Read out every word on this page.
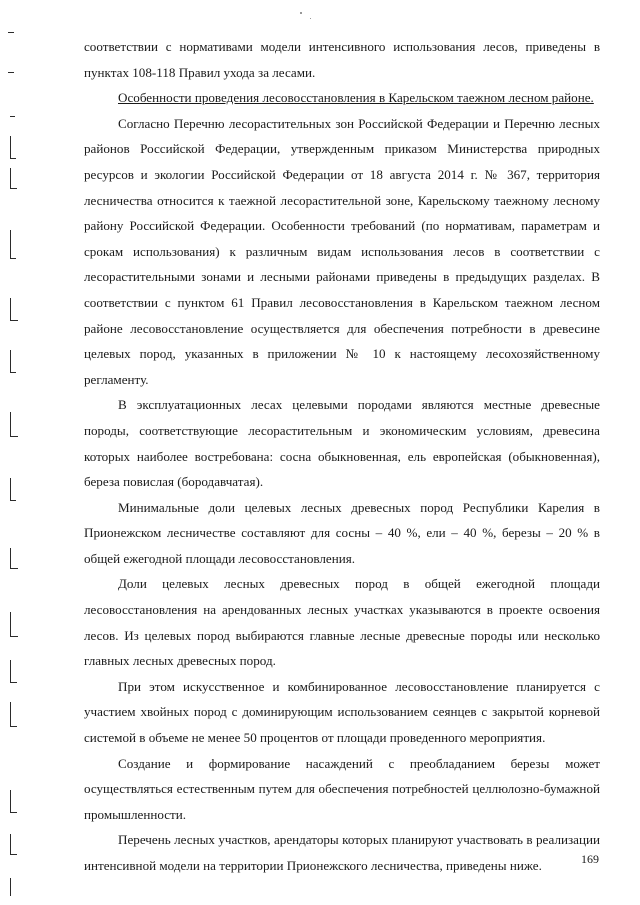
соответствии с нормативами модели интенсивного использования лесов, приведены в пунктах 108-118 Правил ухода за лесами.

Особенности проведения лесовосстановления в Карельском таежном лесном районе.

Согласно Перечню лесорастительных зон Российской Федерации и Перечню лесных районов Российской Федерации, утвержденным приказом Министерства природных ресурсов и экологии Российской Федерации от 18 августа 2014 г. № 367, территория лесничества относится к таежной лесорастительной зоне, Карельскому таежному лесному району Российской Федерации. Особенности требований (по нормативам, параметрам и срокам использования) к различным видам использования лесов в соответствии с лесорастительными зонами и лесными районами приведены в предыдущих разделах. В соответствии с пунктом 61 Правил лесовосстановления в Карельском таежном лесном районе лесовосстановление осуществляется для обеспечения потребности в древесине целевых пород, указанных в приложении № 10 к настоящему лесохозяйственному регламенту.

В эксплуатационных лесах целевыми породами являются местные древесные породы, соответствующие лесорастительным и экономическим условиям, древесина которых наиболее востребована: сосна обыкновенная, ель европейская (обыкновенная), береза повислая (бородавчатая).

Минимальные доли целевых лесных древесных пород Республики Карелия в Прионежском лесничестве составляют для сосны – 40 %, ели – 40 %, березы – 20 % в общей ежегодной площади лесовосстановления.

Доли целевых лесных древесных пород в общей ежегодной площади лесовосстановления на арендованных лесных участках указываются в проекте освоения лесов. Из целевых пород выбираются главные лесные древесные породы или несколько главных лесных древесных пород.

При этом искусственное и комбинированное лесовосстановление планируется с участием хвойных пород с доминирующим использованием сеянцев с закрытой корневой системой в объеме не менее 50 процентов от площади проведенного мероприятия.

Создание и формирование насаждений с преобладанием березы может осуществляться естественным путем для обеспечения потребностей целлюлозно-бумажной промышленности.

Перечень лесных участков, арендаторы которых планируют участвовать в реализации интенсивной модели на территории Прионежского лесничества, приведены ниже.	169
